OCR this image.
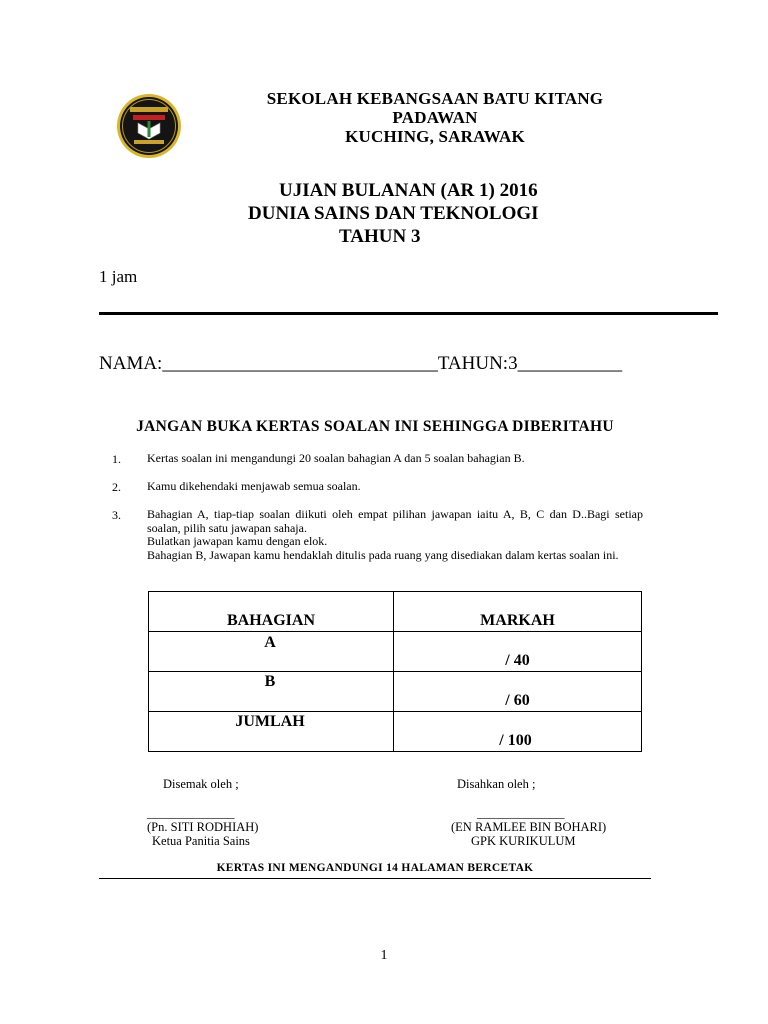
SEKOLAH KEBANGSAAN BATU KITANG
PADAWAN
KUCHING, SARAWAK
UJIAN BULANAN (AR 1) 2016
DUNIA SAINS DAN TEKNOLOGI
TAHUN 3
1 jam
NAMA:_____________________________TAHUN:3___________
JANGAN BUKA KERTAS SOALAN INI SEHINGGA DIBERITAHU
1. Kertas soalan ini mengandungi 20 soalan bahagian A dan 5 soalan bahagian B.
2. Kamu dikehendaki menjawab semua soalan.
3. Bahagian A, tiap-tiap soalan diikuti oleh empat pilihan jawapan iaitu A, B, C dan D..Bagi setiap soalan, pilih satu jawapan sahaja.
Bulatkan jawapan kamu dengan elok.
Bahagian B, Jawapan kamu hendaklah ditulis pada ruang yang disediakan dalam kertas soalan ini.
BAHAGIAN	MARKAH

A	/ 40

B	/ 60

JUMLAH	/ 100
Disemak oleh ;
______________
(Pn. SITI RODHIAH)
Ketua Panitia Sains
Disahkan oleh ;
______________
(EN RAMLEE BIN BOHARI)
GPK KURIKULUM
KERTAS INI MENGANDUNGI 14 HALAMAN BERCETAK
1
